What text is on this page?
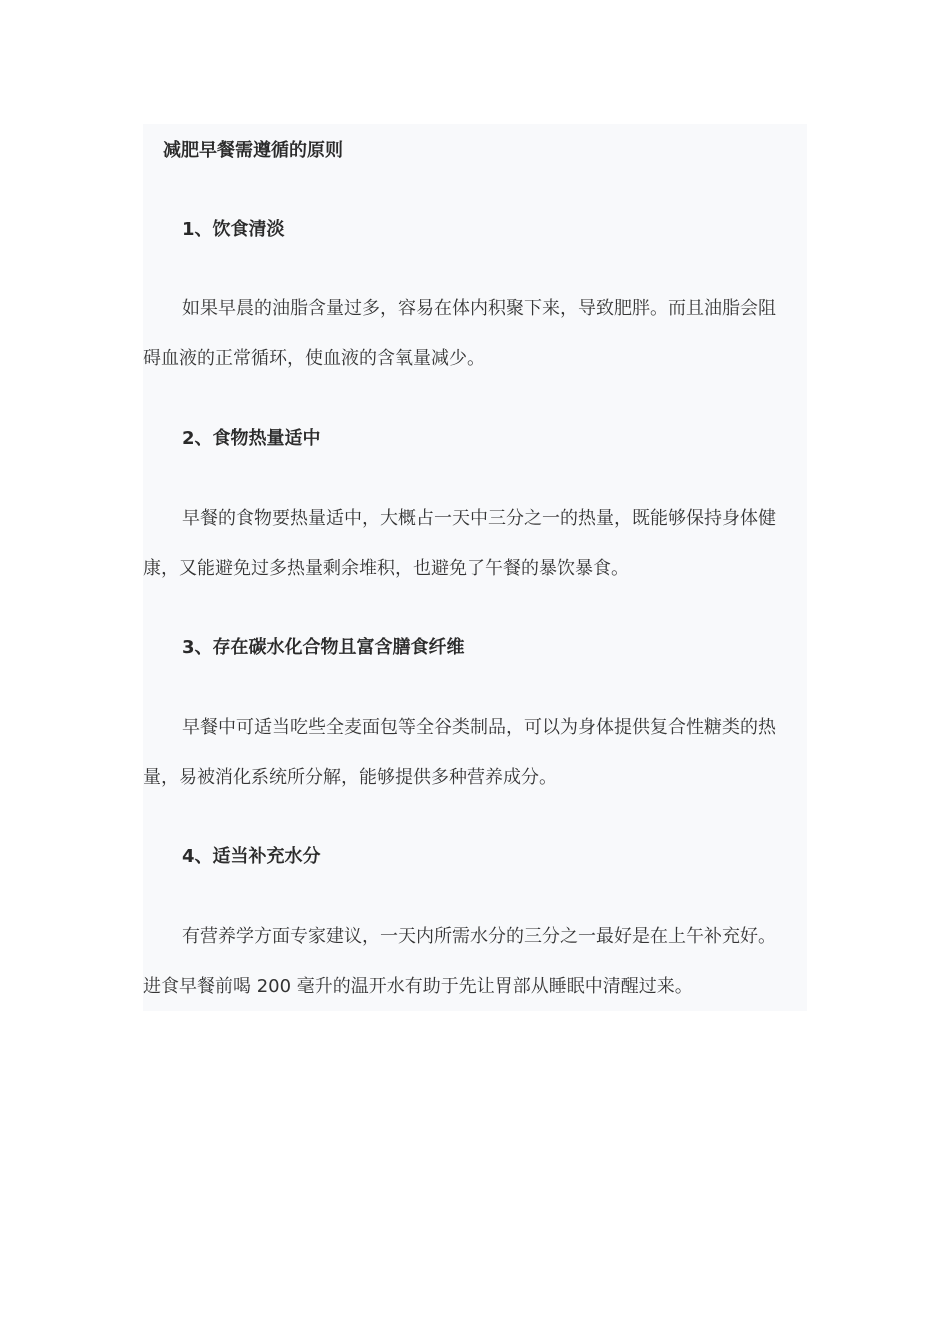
减肥早餐需遵循的原则
1、饮食清淡
如果早晨的油脂含量过多，容易在体内积聚下来，导致肥胖。而且油脂会阻
碍血液的正常循环，使血液的含氧量减少。
2、食物热量适中
早餐的食物要热量适中，大概占一天中三分之一的热量，既能够保持身体健
康，又能避免过多热量剩余堆积，也避免了午餐的暴饮暴食。
3、存在碳水化合物且富含膳食纤维
早餐中可适当吃些全麦面包等全谷类制品，可以为身体提供复合性糖类的热
量，易被消化系统所分解，能够提供多种营养成分。
4、适当补充水分
有营养学方面专家建议，一天内所需水分的三分之一最好是在上午补充好。
进食早餐前喝 200 毫升的温开水有助于先让胃部从睡眠中清醒过来。
